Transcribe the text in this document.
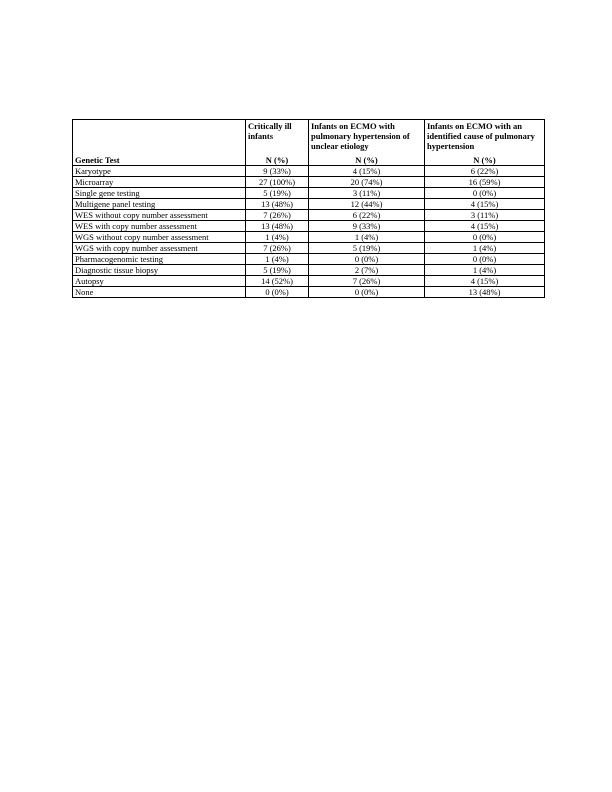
	Critically ill infants	Infants on ECMO with pulmonary hypertension of unclear etiology	Infants on ECMO with an identified cause of pulmonary hypertension
Genetic Test	N (%)	N (%)	N (%)
Karyotype	9 (33%)	4 (15%)	6 (22%)
Microarray	27 (100%)	20 (74%)	16 (59%)
Single gene testing	5 (19%)	3 (11%)	0 (0%)
Multigene panel testing	13 (48%)	12 (44%)	4 (15%)
WES without copy number assessment	7 (26%)	6 (22%)	3 (11%)
WES with copy number assessment	13 (48%)	9 (33%)	4 (15%)
WGS without copy number assessment	1 (4%)	1 (4%)	0 (0%)
WGS with copy number assessment	7 (26%)	5 (19%)	1 (4%)
Pharmacogenomic testing	1 (4%)	0 (0%)	0 (0%)
Diagnostic tissue biopsy	5 (19%)	2 (7%)	1 (4%)
Autopsy	14 (52%)	7 (26%)	4 (15%)
None	0 (0%)	0 (0%)	13 (48%)
